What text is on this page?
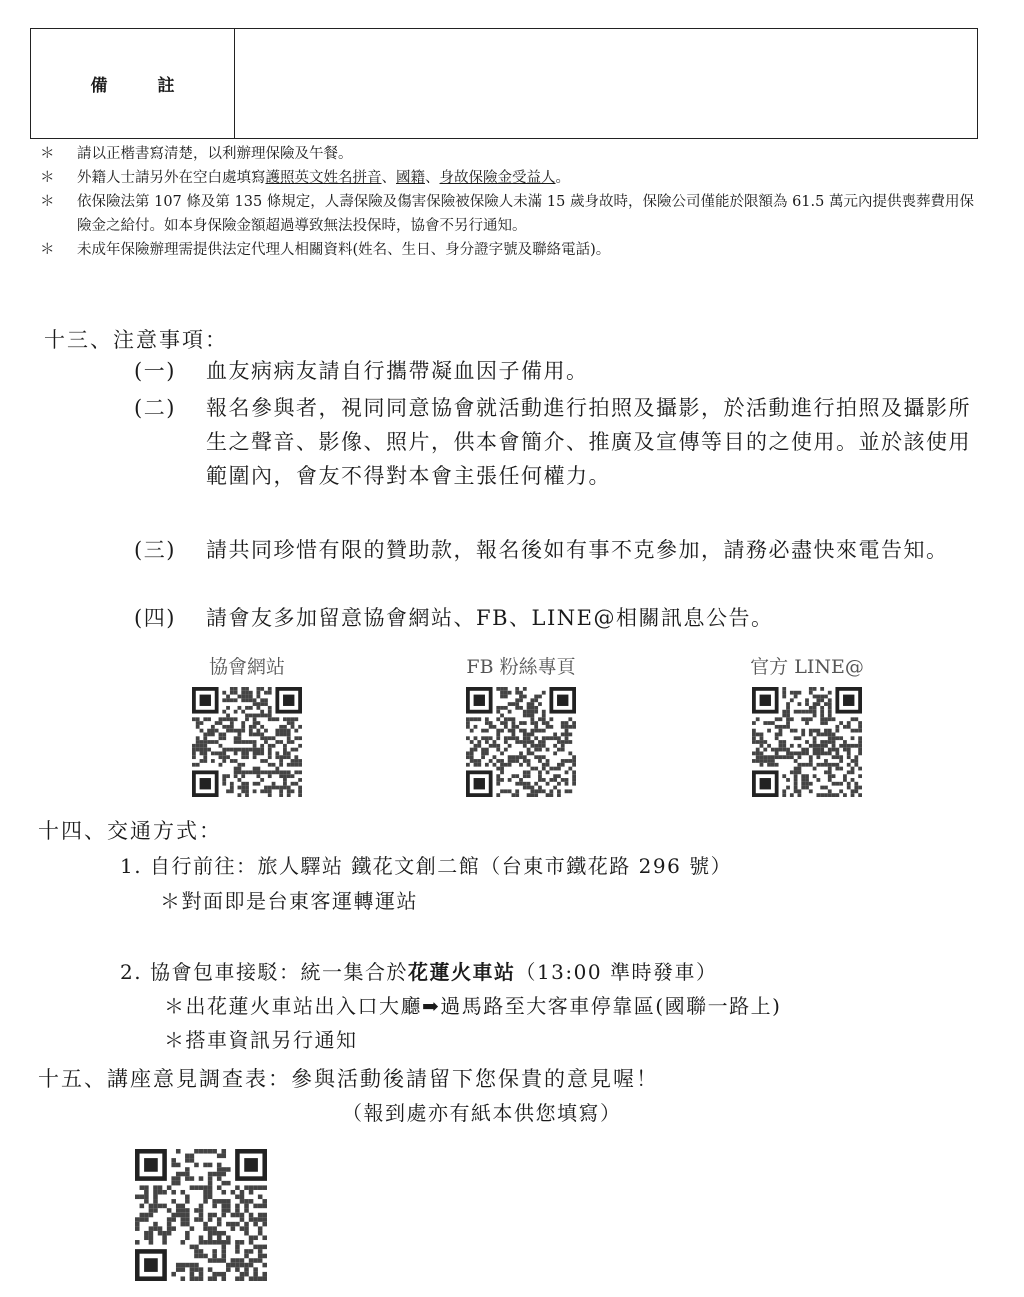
備 註
＊	請以正楷書寫清楚，以利辦理保險及午餐。
＊	外籍人士請另外在空白處填寫護照英文姓名拼音、國籍、身故保險金受益人。
＊	依保險法第 107 條及第 135 條規定，人壽保險及傷害保險被保險人未滿 15 歲身故時，保險公司僅能於限額為 61.5 萬元內提供喪葬費用保險金之給付。如本身保險金額超過導致無法投保時，協會不另行通知。
＊	未成年保險辦理需提供法定代理人相關資料(姓名、生日、身分證字號及聯絡電話)。
十三、注意事項：
(一)	血友病病友請自行攜帶凝血因子備用。
(二)	報名參與者，視同同意協會就活動進行拍照及攝影，於活動進行拍照及攝影所生之聲音、影像、照片，供本會簡介、推廣及宣傳等目的之使用。並於該使用範圍內，會友不得對本會主張任何權力。
(三)	請共同珍惜有限的贊助款，報名後如有事不克參加，請務必盡快來電告知。
(四)	請會友多加留意協會網站、FB、LINE@相關訊息公告。
協會網站	FB 粉絲專頁	官方 LINE@
十四、交通方式：
1. 自行前往：旅人驛站 鐵花文創二館（台東市鐵花路 296 號）
＊對面即是台東客運轉運站
2. 協會包車接駁：統一集合於花蓮火車站（13:00 準時發車）
＊出花蓮火車站出入口大廳➡過馬路至大客車停靠區(國聯一路上)
＊搭車資訊另行通知
十五、講座意見調查表：參與活動後請留下您保貴的意見喔！
（報到處亦有紙本供您填寫）
